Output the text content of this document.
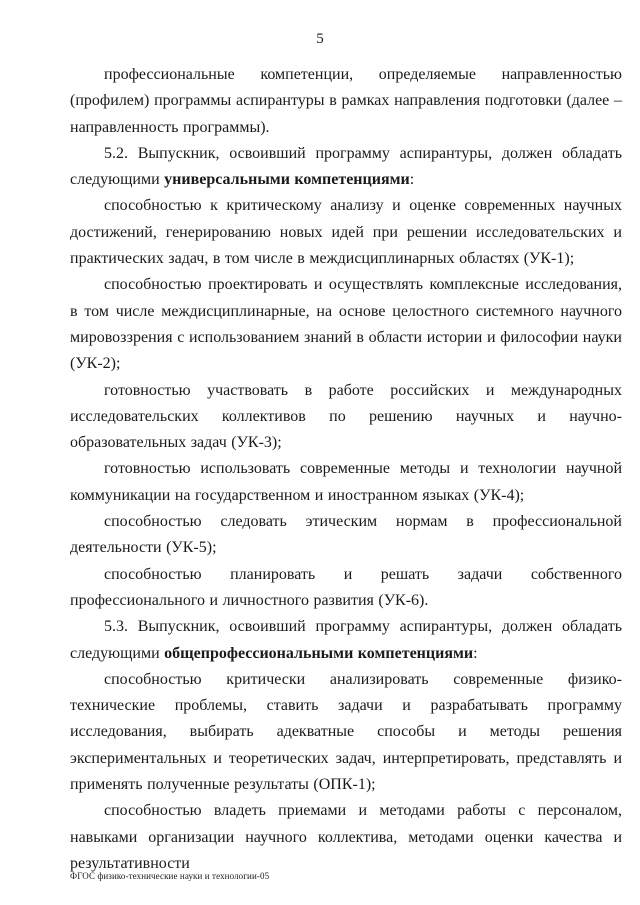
5

профессиональные компетенции, определяемые направленностью (профилем) программы аспирантуры в рамках направления подготовки (далее – направленность программы).

5.2. Выпускник, освоивший программу аспирантуры, должен обладать следующими универсальными компетенциями:

способностью к критическому анализу и оценке современных научных достижений, генерированию новых идей при решении исследовательских и практических задач, в том числе в междисциплинарных областях (УК-1);

способностью проектировать и осуществлять комплексные исследования, в том числе междисциплинарные, на основе целостного системного научного мировоззрения с использованием знаний в области истории и философии науки (УК-2);

готовностью участвовать в работе российских и международных исследовательских коллективов по решению научных и научно-образовательных задач (УК-3);

готовностью использовать современные методы и технологии научной коммуникации на государственном и иностранном языках (УК-4);

способностью следовать этическим нормам в профессиональной деятельности (УК-5);

способностью планировать и решать задачи собственного профессионального и личностного развития (УК-6).

5.3. Выпускник, освоивший программу аспирантуры, должен обладать следующими общепрофессиональными компетенциями:

способностью критически анализировать современные физико-технические проблемы, ставить задачи и разрабатывать программу исследования, выбирать адекватные способы и методы решения экспериментальных и теоретических задач, интерпретировать, представлять и применять полученные результаты (ОПК-1);

способностью владеть приемами и методами работы с персоналом, навыками организации научного коллектива, методами оценки качества и результативности

ФГОС физико-технические науки и технологии-05
